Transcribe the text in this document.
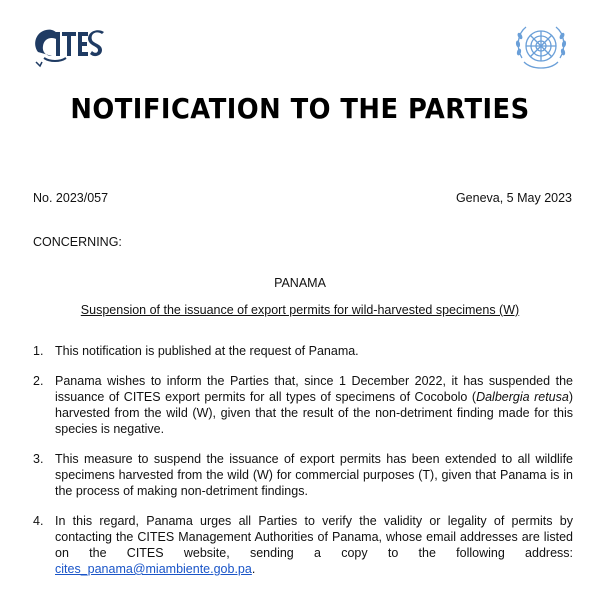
NOTIFICATION TO THE PARTIES
No. 2023/057	Geneva, 5 May 2023
CONCERNING:
PANAMA
Suspension of the issuance of export permits for wild-harvested specimens (W)
1. This notification is published at the request of Panama.
2. Panama wishes to inform the Parties that, since 1 December 2022, it has suspended the issuance of CITES export permits for all types of specimens of Cocobolo (Dalbergia retusa) harvested from the wild (W), given that the result of the non-detriment finding made for this species is negative.
3. This measure to suspend the issuance of export permits has been extended to all wildlife specimens harvested from the wild (W) for commercial purposes (T), given that Panama is in the process of making non-detriment findings.
4. In this regard, Panama urges all Parties to verify the validity or legality of permits by contacting the CITES Management Authorities of Panama, whose email addresses are listed on the CITES website, sending a copy to the following address: cites_panama@miambiente.gob.pa.
